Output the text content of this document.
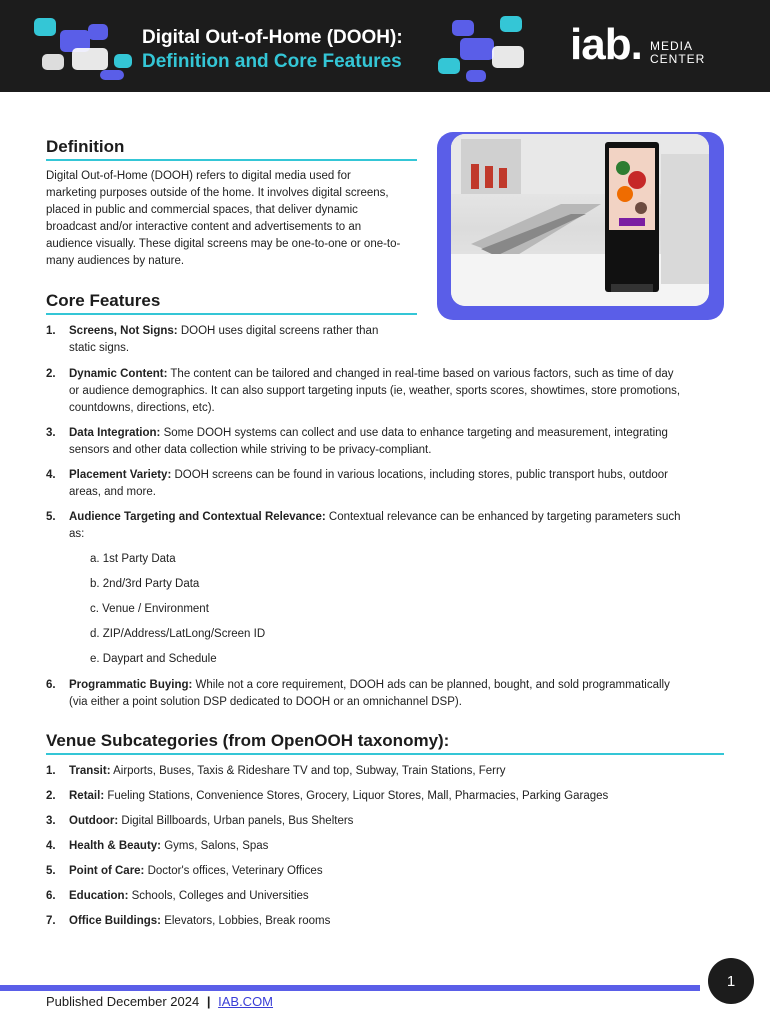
Digital Out-of-Home (DOOH):
Definition and Core Features	iab. MEDIA
CENTER
Definition
Digital Out-of-Home (DOOH) refers to digital media used for
marketing purposes outside of the home. It involves digital screens,
placed in public and commercial spaces, that deliver dynamic
broadcast and/or interactive content and advertisements to an
audience visually. These digital screens may be one-to-one or one-to-
many audiences by nature.
Core Features
1. Screens, Not Signs: DOOH uses digital screens rather than
static signs.
2. Dynamic Content: The content can be tailored and changed in real-time based on various factors, such as time of day
or audience demographics. It can also support targeting inputs (ie, weather, sports scores, showtimes, store promotions,
countdowns, directions, etc).
3. Data Integration: Some DOOH systems can collect and use data to enhance targeting and measurement, integrating
sensors and other data collection while striving to be privacy-compliant.
4. Placement Variety: DOOH screens can be found in various locations, including stores, public transport hubs, outdoor
areas, and more.
5. Audience Targeting and Contextual Relevance: Contextual relevance can be enhanced by targeting parameters such
as:
a. 1st Party Data
b. 2nd/3rd Party Data
c. Venue / Environment
d. ZIP/Address/LatLong/Screen ID
e. Daypart and Schedule
6. Programmatic Buying: While not a core requirement, DOOH ads can be planned, bought, and sold programmatically
(via either a point solution DSP dedicated to DOOH or an omnichannel DSP).
Venue Subcategories (from OpenOOH taxonomy):
1. Transit: Airports, Buses, Taxis & Rideshare TV and top, Subway, Train Stations, Ferry
2. Retail: Fueling Stations, Convenience Stores, Grocery, Liquor Stores, Mall, Pharmacies, Parking Garages
3. Outdoor: Digital Billboards, Urban panels, Bus Shelters
4. Health & Beauty: Gyms, Salons, Spas
5. Point of Care: Doctor's offices, Veterinary Offices
6. Education: Schools, Colleges and Universities
7. Office Buildings: Elevators, Lobbies, Break rooms
1
Published December 2024 | IAB.COM
